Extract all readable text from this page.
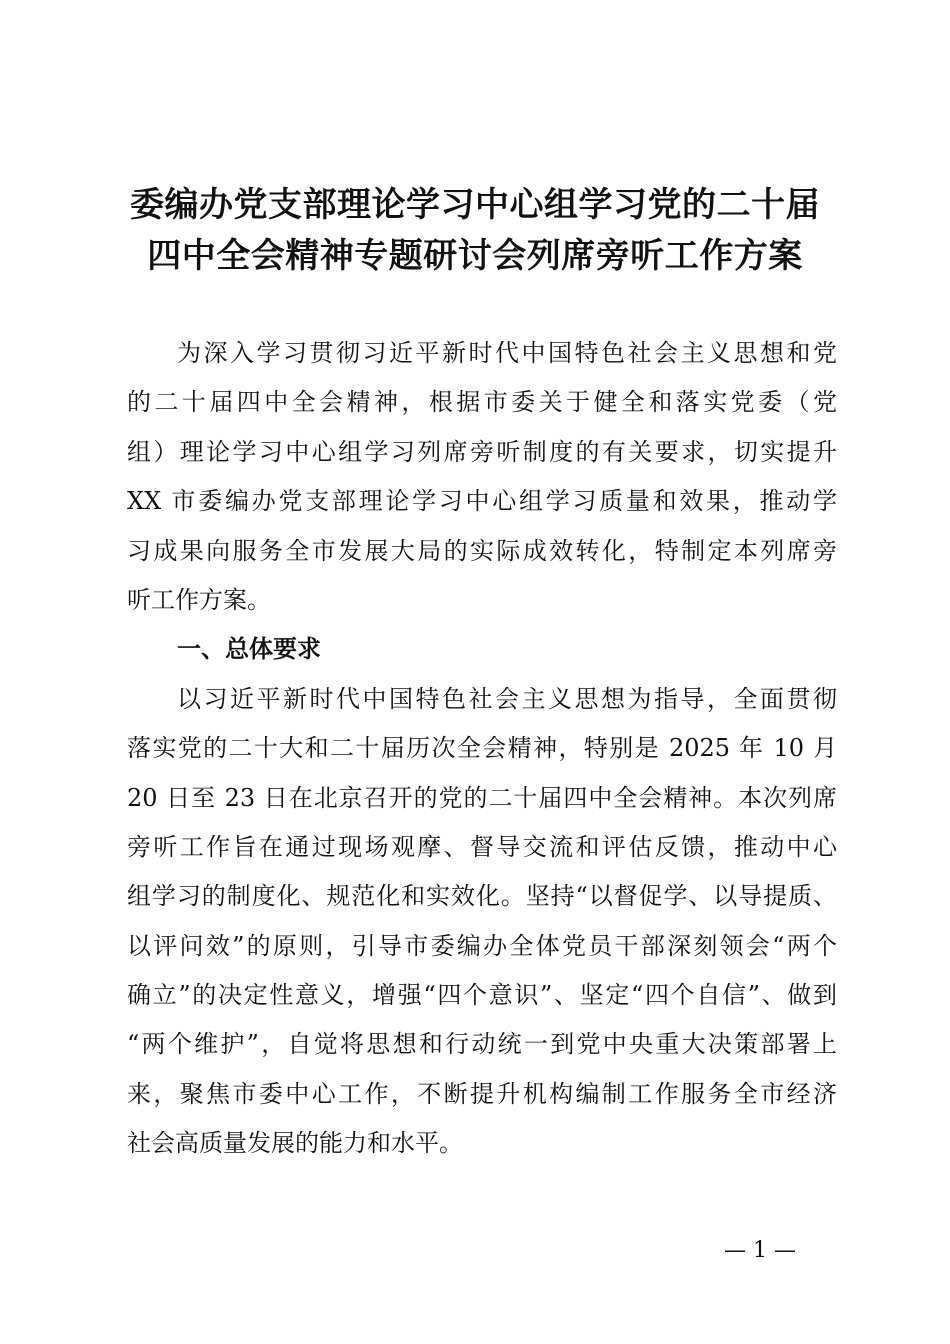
委编办党支部理论学习中心组学习党的二十届
四中全会精神专题研讨会列席旁听工作方案
为深入学习贯彻习近平新时代中国特色社会主义思想和党
的二十届四中全会精神，根据市委关于健全和落实党委（党
组）理论学习中心组学习列席旁听制度的有关要求，切实提升
XX 市委编办党支部理论学习中心组学习质量和效果，推动学
习成果向服务全市发展大局的实际成效转化，特制定本列席旁
听工作方案。
一、总体要求
以习近平新时代中国特色社会主义思想为指导，全面贯彻
落实党的二十大和二十届历次全会精神，特别是 2025 年 10 月
20 日至 23 日在北京召开的党的二十届四中全会精神。本次列席
旁听工作旨在通过现场观摩、督导交流和评估反馈，推动中心
组学习的制度化、规范化和实效化。坚持“以督促学、以导提质、
以评问效”的原则，引导市委编办全体党员干部深刻领会“两个
确立”的决定性意义，增强“四个意识”、坚定“四个自信”、做到
“两个维护”，自觉将思想和行动统一到党中央重大决策部署上
来，聚焦市委中心工作，不断提升机构编制工作服务全市经济
社会高质量发展的能力和水平。
— 1 —
